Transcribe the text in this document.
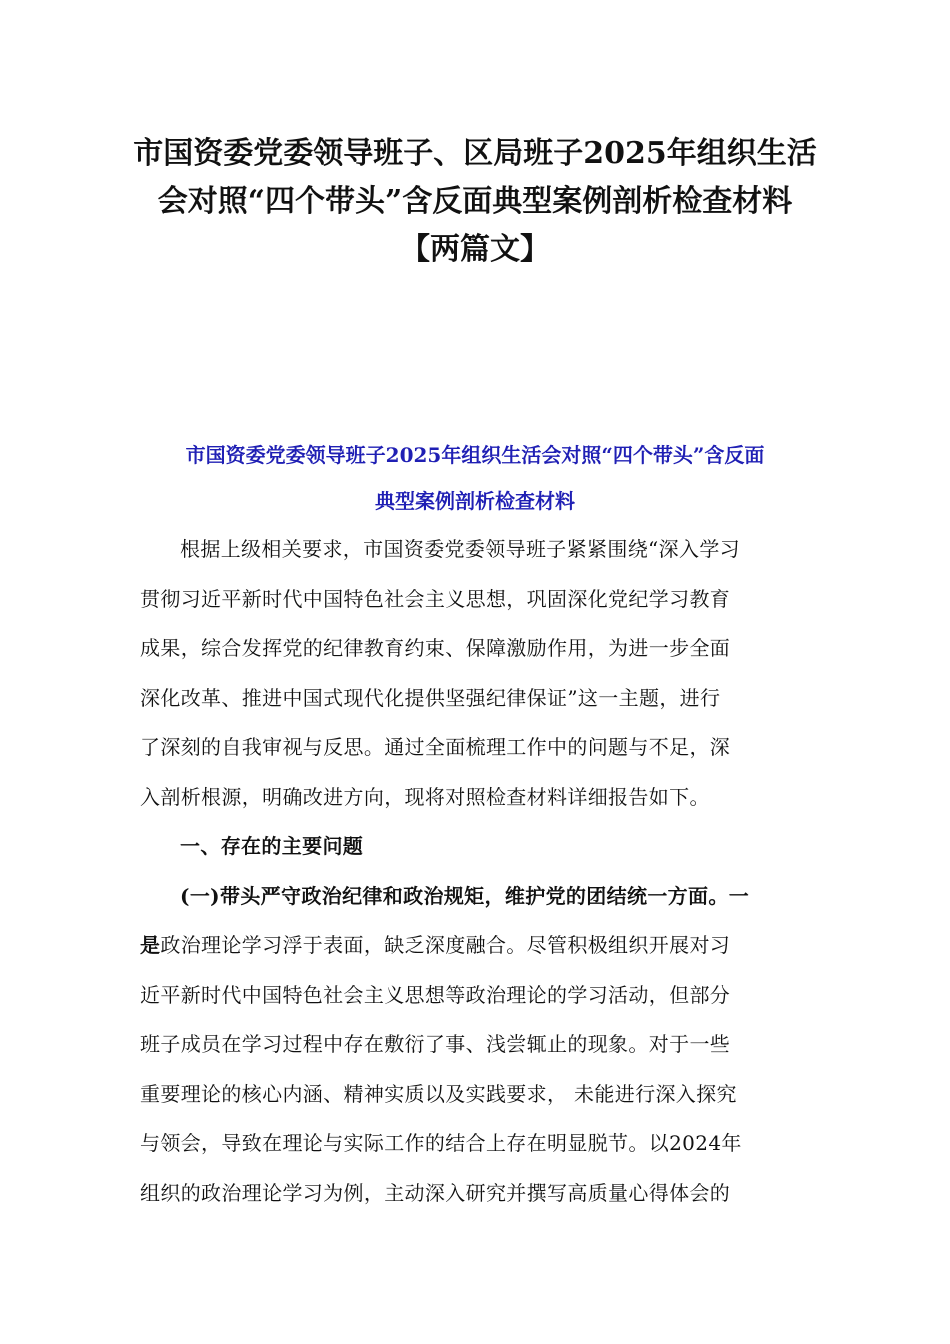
市国资委党委领导班子、区局班子2025年组织生活
会对照“四个带头”含反面典型案例剖析检查材料
【两篇文】
市国资委党委领导班子2025年组织生活会对照“四个带头”含反面
典型案例剖析检查材料
根据上级相关要求，市国资委党委领导班子紧紧围绕“深入学习
贯彻习近平新时代中国特色社会主义思想，巩固深化党纪学习教育
成果，综合发挥党的纪律教育约束、保障激励作用，为进一步全面
深化改革、推进中国式现代化提供坚强纪律保证”这一主题，进行
了深刻的自我审视与反思。通过全面梳理工作中的问题与不足，深
入剖析根源，明确改进方向，现将对照检查材料详细报告如下。
一、存在的主要问题
(一)带头严守政治纪律和政治规矩，维护党的团结统一方面。一
是政治理论学习浮于表面，缺乏深度融合。尽管积极组织开展对习
近平新时代中国特色社会主义思想等政治理论的学习活动，但部分
班子成员在学习过程中存在敷衍了事、浅尝辄止的现象。对于一些
重要理论的核心内涵、精神实质以及实践要求， 未能进行深入探究
与领会，导致在理论与实际工作的结合上存在明显脱节。以2024年
组织的政治理论学习为例，主动深入研究并撰写高质量心得体会的
